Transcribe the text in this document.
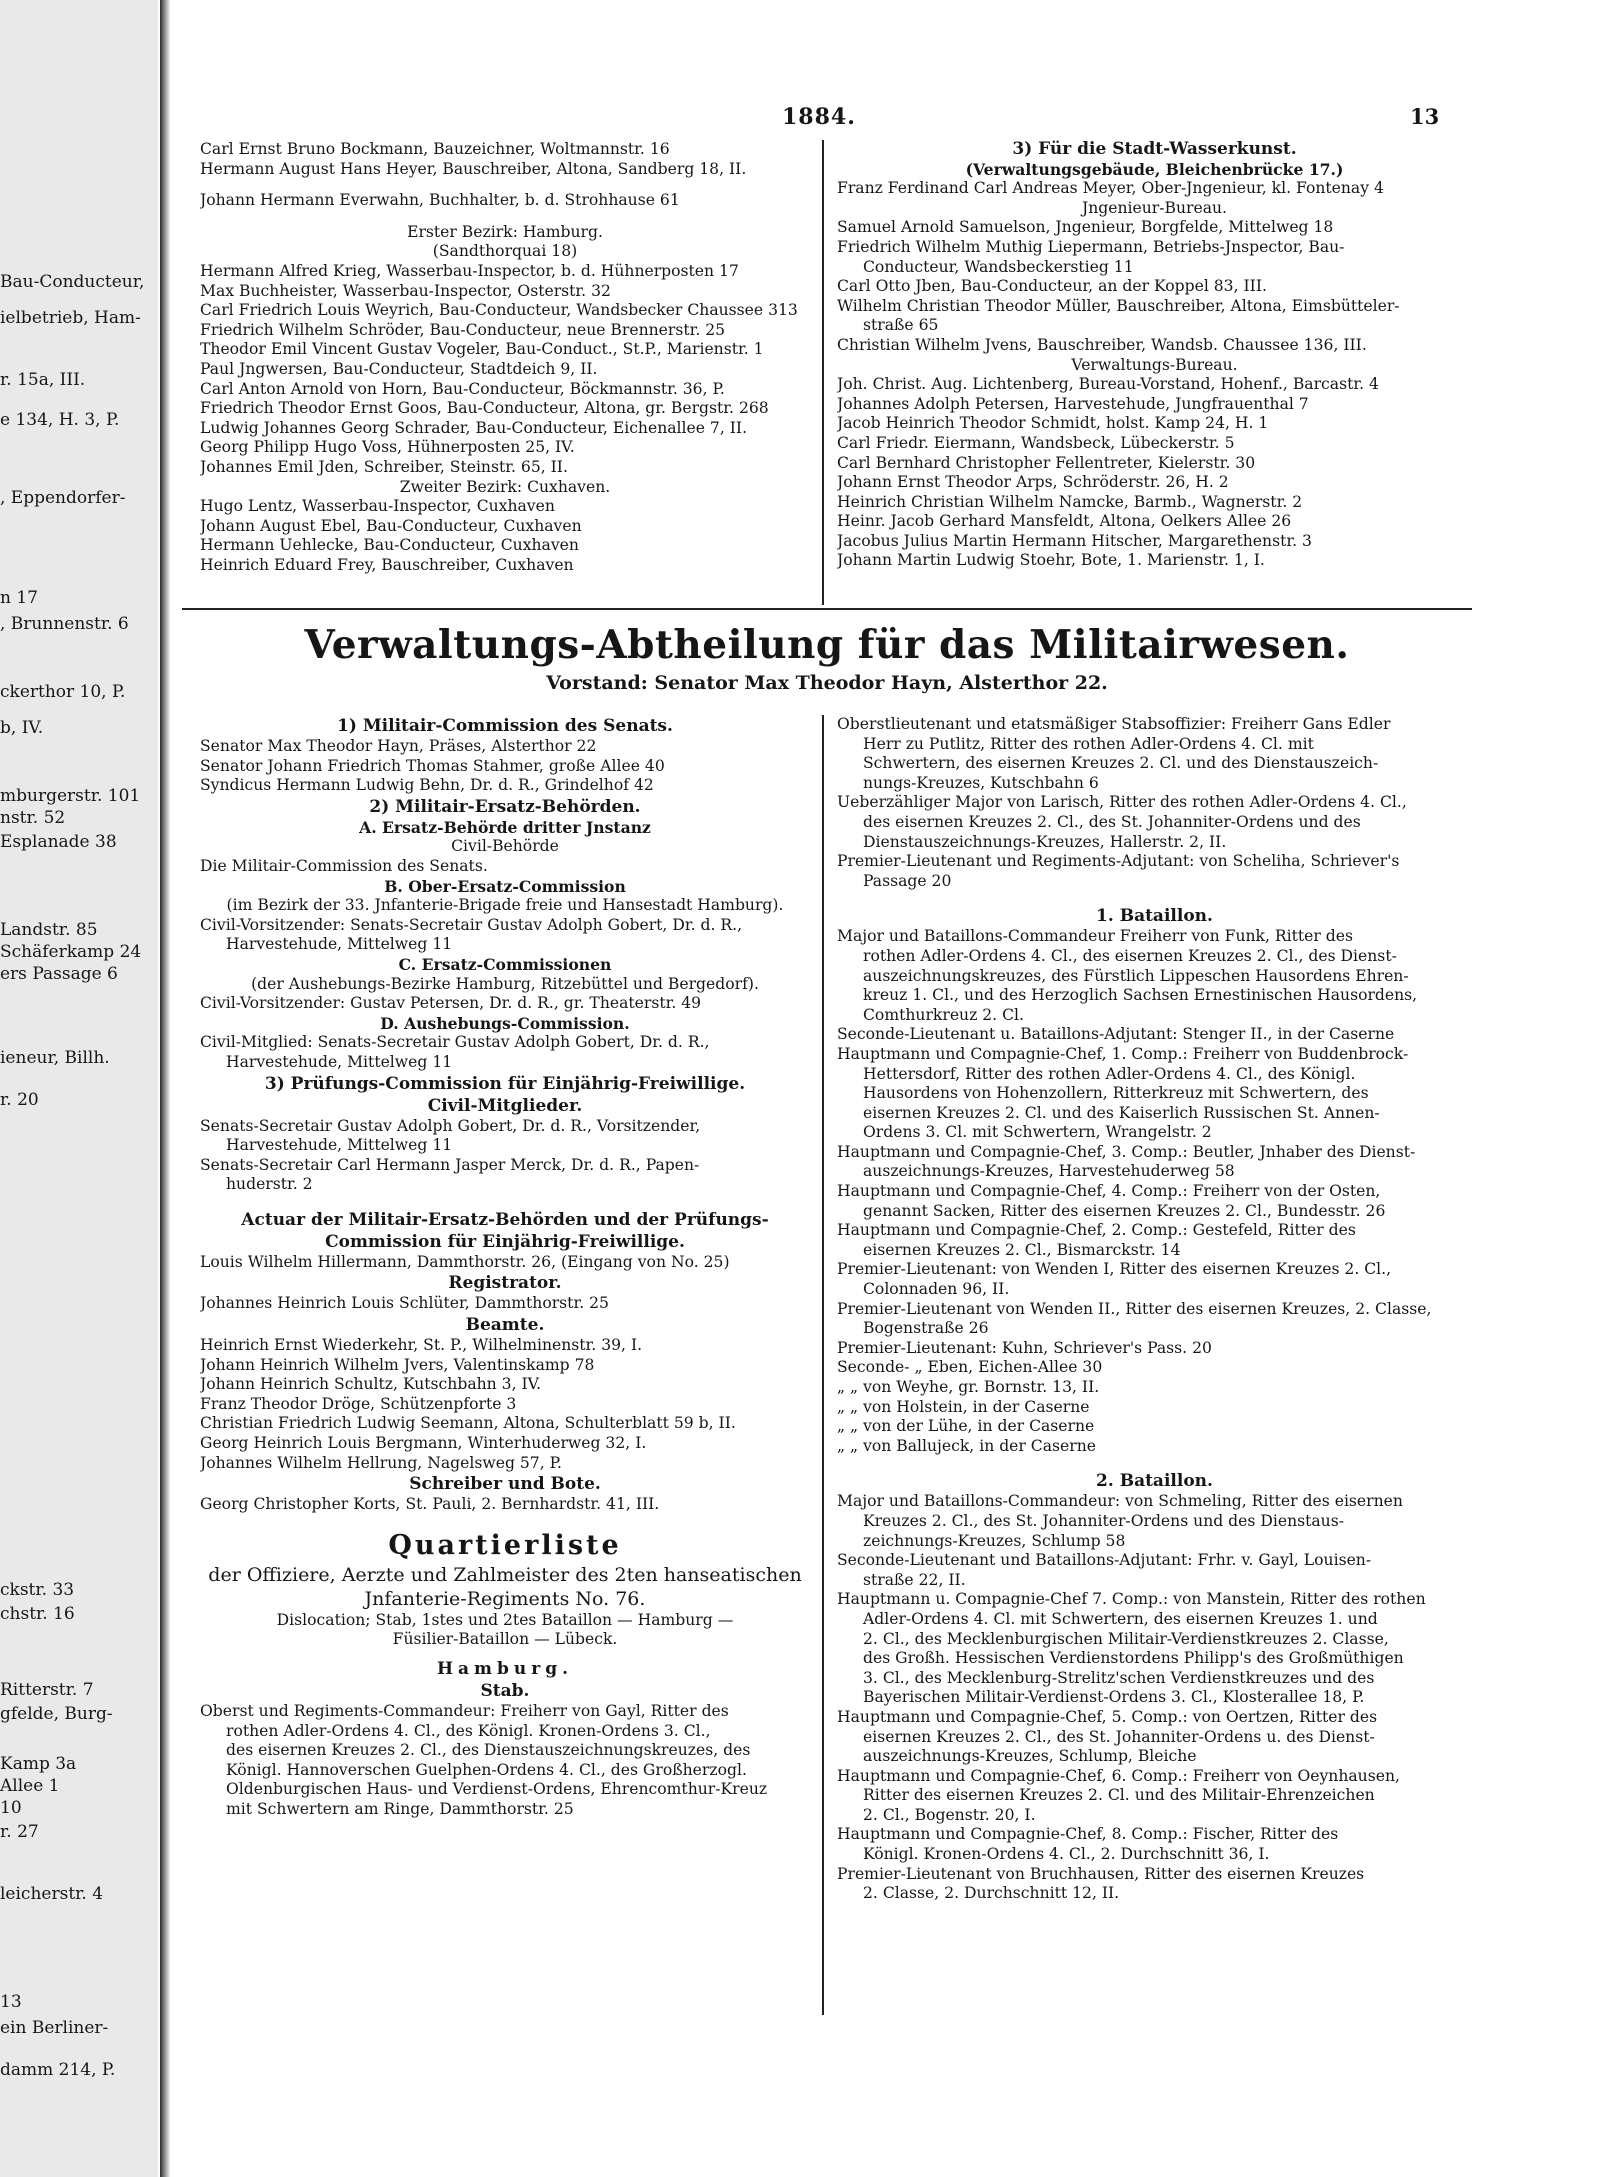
Bau-Conducteur,
ielbetrieb, Ham-
r. 15a, III.
e 134, H. 3, P.
, Eppendorfer-
n 17
, Brunnenstr. 6
ckerthor 10, P.
b, IV.
mburgerstr. 101
nstr. 52
Esplanade 38
Landstr. 85
Schäferkamp 24
ers Passage 6
ieneur, Billh.
r. 20
ckstr. 33
chstr. 16
Ritterstr. 7
gfelde, Burg-
Kamp 3a
Allee 1
10
r. 27
leicherstr. 4
13
ein Berliner-
damm 214, P.
1884.	13
Carl Ernst Bruno Bockmann, Bauzeichner, Woltmannstr. 16
Hermann August Hans Heyer, Bauschreiber, Altona, Sandberg 18, II.
Johann Hermann Everwahn, Buchhalter, b. d. Strohhause 61
Erster Bezirk: Hamburg.
(Sandthorquai 18)
Hermann Alfred Krieg, Wasserbau-Inspector, b. d. Hühnerposten 17
Max Buchheister, Wasserbau-Inspector, Osterstr. 32
Carl Friedrich Louis Weyrich, Bau-Conducteur, Wandsbecker Chaussee 313
Friedrich Wilhelm Schröder, Bau-Conducteur, neue Brennerstr. 25
Theodor Emil Vincent Gustav Vogeler, Bau-Conduct., St.P., Marienstr. 1
Paul Jngwersen, Bau-Conducteur, Stadtdeich 9, II.
Carl Anton Arnold von Horn, Bau-Conducteur, Böckmannstr. 36, P.
Friedrich Theodor Ernst Goos, Bau-Conducteur, Altona, gr. Bergstr. 268
Ludwig Johannes Georg Schrader, Bau-Conducteur, Eichenallee 7, II.
Georg Philipp Hugo Voss, Hühnerposten 25, IV.
Johannes Emil Jden, Schreiber, Steinstr. 65, II.
Zweiter Bezirk: Cuxhaven.
Hugo Lentz, Wasserbau-Inspector, Cuxhaven
Johann August Ebel, Bau-Conducteur, Cuxhaven
Hermann Uehlecke, Bau-Conducteur, Cuxhaven
Heinrich Eduard Frey, Bauschreiber, Cuxhaven
3) Für die Stadt-Wasserkunst.
(Verwaltungsgebäude, Bleichenbrücke 17.)
Franz Ferdinand Carl Andreas Meyer, Ober-Jngenieur, kl. Fontenay 4
Jngenieur-Bureau.
Samuel Arnold Samuelson, Jngenieur, Borgfelde, Mittelweg 18
Friedrich Wilhelm Muthig Liepermann, Betriebs-Jnspector, Bau-
Conducteur, Wandsbeckerstieg 11
Carl Otto Jben, Bau-Conducteur, an der Koppel 83, III.
Wilhelm Christian Theodor Müller, Bauschreiber, Altona, Eimsbütteler-
straße 65
Christian Wilhelm Jvens, Bauschreiber, Wandsb. Chaussee 136, III.
Verwaltungs-Bureau.
Joh. Christ. Aug. Lichtenberg, Bureau-Vorstand, Hohenf., Barcastr. 4
Johannes Adolph Petersen, Harvestehude, Jungfrauenthal 7
Jacob Heinrich Theodor Schmidt, holst. Kamp 24, H. 1
Carl Friedr. Eiermann, Wandsbeck, Lübeckerstr. 5
Carl Bernhard Christopher Fellentreter, Kielerstr. 30
Johann Ernst Theodor Arps, Schröderstr. 26, H. 2
Heinrich Christian Wilhelm Namcke, Barmb., Wagnerstr. 2
Heinr. Jacob Gerhard Mansfeldt, Altona, Oelkers Allee 26
Jacobus Julius Martin Hermann Hitscher, Margarethenstr. 3
Johann Martin Ludwig Stoehr, Bote, 1. Marienstr. 1, I.
Verwaltungs-Abtheilung für das Militairwesen.
Vorstand: Senator Max Theodor Hayn, Alsterthor 22.
1) Militair-Commission des Senats.
Senator Max Theodor Hayn, Präses, Alsterthor 22
Senator Johann Friedrich Thomas Stahmer, große Allee 40
Syndicus Hermann Ludwig Behn, Dr. d. R., Grindelhof 42
2) Militair-Ersatz-Behörden.
A. Ersatz-Behörde dritter Jnstanz
Civil-Behörde
Die Militair-Commission des Senats.
B. Ober-Ersatz-Commission
(im Bezirk der 33. Jnfanterie-Brigade freie und Hansestadt Hamburg).
Civil-Vorsitzender: Senats-Secretair Gustav Adolph Gobert, Dr. d. R.,
Harvestehude, Mittelweg 11
C. Ersatz-Commissionen
(der Aushebungs-Bezirke Hamburg, Ritzebüttel und Bergedorf).
Civil-Vorsitzender: Gustav Petersen, Dr. d. R., gr. Theaterstr. 49
D. Aushebungs-Commission.
Civil-Mitglied: Senats-Secretair Gustav Adolph Gobert, Dr. d. R.,
Harvestehude, Mittelweg 11
3) Prüfungs-Commission für Einjährig-Freiwillige.
Civil-Mitglieder.
Senats-Secretair Gustav Adolph Gobert, Dr. d. R., Vorsitzender,
Harvestehude, Mittelweg 11
Senats-Secretair Carl Hermann Jasper Merck, Dr. d. R., Papen-
huderstr. 2
Actuar der Militair-Ersatz-Behörden und der Prüfungs-
Commission für Einjährig-Freiwillige.
Louis Wilhelm Hillermann, Dammthorstr. 26, (Eingang von No. 25)
Registrator.
Johannes Heinrich Louis Schlüter, Dammthorstr. 25
Beamte.
Heinrich Ernst Wiederkehr, St. P., Wilhelminenstr. 39, I.
Johann Heinrich Wilhelm Jvers, Valentinskamp 78
Johann Heinrich Schultz, Kutschbahn 3, IV.
Franz Theodor Dröge, Schützenpforte 3
Christian Friedrich Ludwig Seemann, Altona, Schulterblatt 59 b, II.
Georg Heinrich Louis Bergmann, Winterhuderweg 32, I.
Johannes Wilhelm Hellrung, Nagelsweg 57, P.
Schreiber und Bote.
Georg Christopher Korts, St. Pauli, 2. Bernhardstr. 41, III.
Quartierliste
der Offiziere, Aerzte und Zahlmeister des 2ten hanseatischen
Jnfanterie-Regiments No. 76.
Dislocation; Stab, 1stes und 2tes Bataillon — Hamburg —
Füsilier-Bataillon — Lübeck.
Hamburg.
Stab.
Oberst und Regiments-Commandeur: Freiherr von Gayl, Ritter des
rothen Adler-Ordens 4. Cl., des Königl. Kronen-Ordens 3. Cl.,
des eisernen Kreuzes 2. Cl., des Dienstauszeichnungskreuzes, des
Königl. Hannoverschen Guelphen-Ordens 4. Cl., des Großherzogl.
Oldenburgischen Haus- und Verdienst-Ordens, Ehrencomthur-Kreuz
mit Schwertern am Ringe, Dammthorstr. 25
Oberstlieutenant und etatsmäßiger Stabsoffizier: Freiherr Gans Edler
Herr zu Putlitz, Ritter des rothen Adler-Ordens 4. Cl. mit
Schwertern, des eisernen Kreuzes 2. Cl. und des Dienstauszeich-
nungs-Kreuzes, Kutschbahn 6
Ueberzähliger Major von Larisch, Ritter des rothen Adler-Ordens 4. Cl.,
des eisernen Kreuzes 2. Cl., des St. Johanniter-Ordens und des
Dienstauszeichnungs-Kreuzes, Hallerstr. 2, II.
Premier-Lieutenant und Regiments-Adjutant: von Scheliha, Schriever's
Passage 20
1. Bataillon.
Major und Bataillons-Commandeur Freiherr von Funk, Ritter des
rothen Adler-Ordens 4. Cl., des eisernen Kreuzes 2. Cl., des Dienst-
auszeichnungskreuzes, des Fürstlich Lippeschen Hausordens Ehren-
kreuz 1. Cl., und des Herzoglich Sachsen Ernestinischen Hausordens,
Comthurkreuz 2. Cl.
Seconde-Lieutenant u. Bataillons-Adjutant: Stenger II., in der Caserne
Hauptmann und Compagnie-Chef, 1. Comp.: Freiherr von Buddenbrock-
Hettersdorf, Ritter des rothen Adler-Ordens 4. Cl., des Königl.
Hausordens von Hohenzollern, Ritterkreuz mit Schwertern, des
eisernen Kreuzes 2. Cl. und des Kaiserlich Russischen St. Annen-
Ordens 3. Cl. mit Schwertern, Wrangelstr. 2
Hauptmann und Compagnie-Chef, 3. Comp.: Beutler, Jnhaber des Dienst-
auszeichnungs-Kreuzes, Harvestehuderweg 58
Hauptmann und Compagnie-Chef, 4. Comp.: Freiherr von der Osten,
genannt Sacken, Ritter des eisernen Kreuzes 2. Cl., Bundesstr. 26
Hauptmann und Compagnie-Chef, 2. Comp.: Gestefeld, Ritter des
eisernen Kreuzes 2. Cl., Bismarckstr. 14
Premier-Lieutenant: von Wenden I, Ritter des eisernen Kreuzes 2. Cl.,
Colonnaden 96, II.
Premier-Lieutenant von Wenden II., Ritter des eisernen Kreuzes, 2. Classe,
Bogenstraße 26
Premier-Lieutenant: Kuhn, Schriever's Pass. 20
Seconde- „ Eben, Eichen-Allee 30
„ „ von Weyhe, gr. Bornstr. 13, II.
„ „ von Holstein, in der Caserne
„ „ von der Lühe, in der Caserne
„ „ von Ballujeck, in der Caserne
2. Bataillon.
Major und Bataillons-Commandeur: von Schmeling, Ritter des eisernen
Kreuzes 2. Cl., des St. Johanniter-Ordens und des Dienstaus-
zeichnungs-Kreuzes, Schlump 58
Seconde-Lieutenant und Bataillons-Adjutant: Frhr. v. Gayl, Louisen-
straße 22, II.
Hauptmann u. Compagnie-Chef 7. Comp.: von Manstein, Ritter des rothen
Adler-Ordens 4. Cl. mit Schwertern, des eisernen Kreuzes 1. und
2. Cl., des Mecklenburgischen Militair-Verdienstkreuzes 2. Classe,
des Großh. Hessischen Verdienstordens Philipp's des Großmüthigen
3. Cl., des Mecklenburg-Strelitz'schen Verdienstkreuzes und des
Bayerischen Militair-Verdienst-Ordens 3. Cl., Klosterallee 18, P.
Hauptmann und Compagnie-Chef, 5. Comp.: von Oertzen, Ritter des
eisernen Kreuzes 2. Cl., des St. Johanniter-Ordens u. des Dienst-
auszeichnungs-Kreuzes, Schlump, Bleiche
Hauptmann und Compagnie-Chef, 6. Comp.: Freiherr von Oeynhausen,
Ritter des eisernen Kreuzes 2. Cl. und des Militair-Ehrenzeichen
2. Cl., Bogenstr. 20, I.
Hauptmann und Compagnie-Chef, 8. Comp.: Fischer, Ritter des
Königl. Kronen-Ordens 4. Cl., 2. Durchschnitt 36, I.
Premier-Lieutenant von Bruchhausen, Ritter des eisernen Kreuzes
2. Classe, 2. Durchschnitt 12, II.
